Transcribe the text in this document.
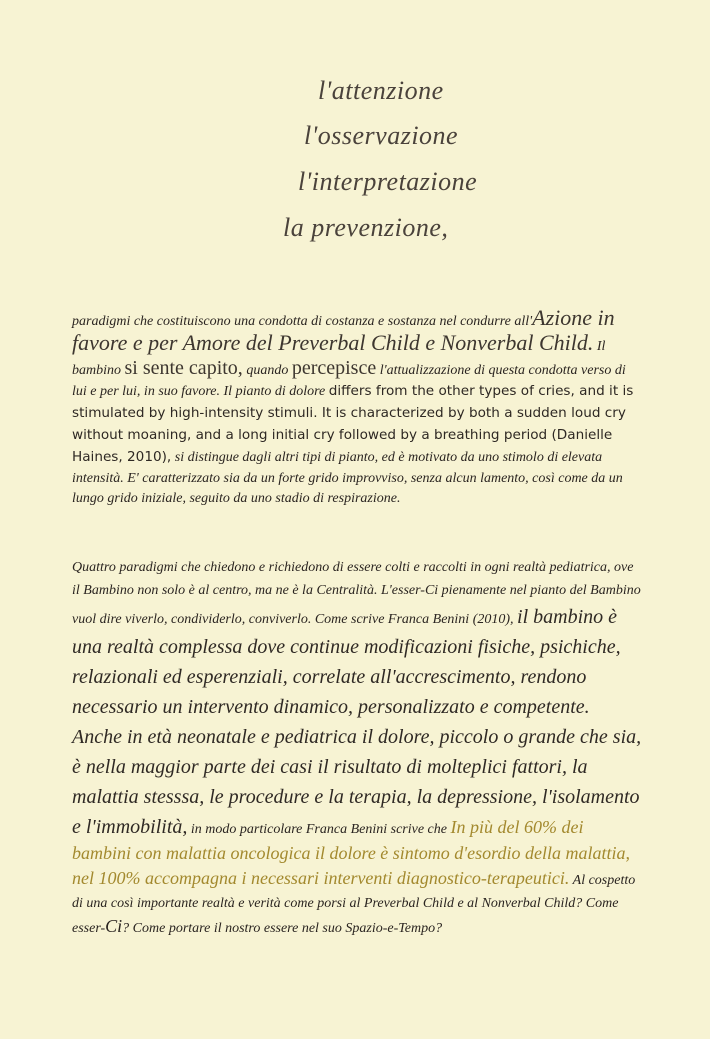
l'attenzione
l'osservazione
l'interpretazione
la prevenzione,

paradigmi che costituiscono una condotta di costanza e sostanza nel condurre all'Azione in favore e per Amore del Preverbal Child e Nonverbal Child. Il bambino si sente capito, quando percepisce l'attualizzazione di questa condotta verso di lui e per lui, in suo favore. Il pianto di dolore differs from the other types of cries, and it is stimulated by high-intensity stimuli. It is characterized by both a sudden loud cry without moaning, and a long initial cry followed by a breathing period (Danielle Haines, 2010), si distingue dagli altri tipi di pianto, ed è motivato da uno stimolo di elevata intensità. E' caratterizzato sia da un forte grido improvviso, senza alcun lamento, così come da un lungo grido iniziale, seguito da uno stadio di respirazione.

Quattro paradigmi che chiedono e richiedono di essere colti e raccolti in ogni realtà pediatrica, ove il Bambino non solo è al centro, ma ne è la Centralità. L'esser-Ci pienamente nel pianto del Bambino vuol dire viverlo, condividerlo, conviverlo. Come scrive Franca Benini (2010), il bambino è una realtà complessa dove continue modificazioni fisiche, psichiche, relazionali ed esperenziali, correlate all'accrescimento, rendono necessario un intervento dinamico, personalizzato e competente. Anche in età neonatale e pediatrica il dolore, piccolo o grande che sia, è nella maggior parte dei casi il risultato di molteplici fattori, la malattia stesssa, le procedure e la terapia, la depressione, l'isolamento e l'immobilità, in modo particolare Franca Benini scrive che In più del 60% dei bambini con malattia oncologica il dolore è sintomo d'esordio della malattia, nel 100% accompagna i necessari interventi diagnostico-terapeutici. Al cospetto di una così importante realtà e verità come porsi al Preverbal Child e al Nonverbal Child? Come esser-Ci? Come portare il nostro essere nel suo Spazio-e-Tempo?
